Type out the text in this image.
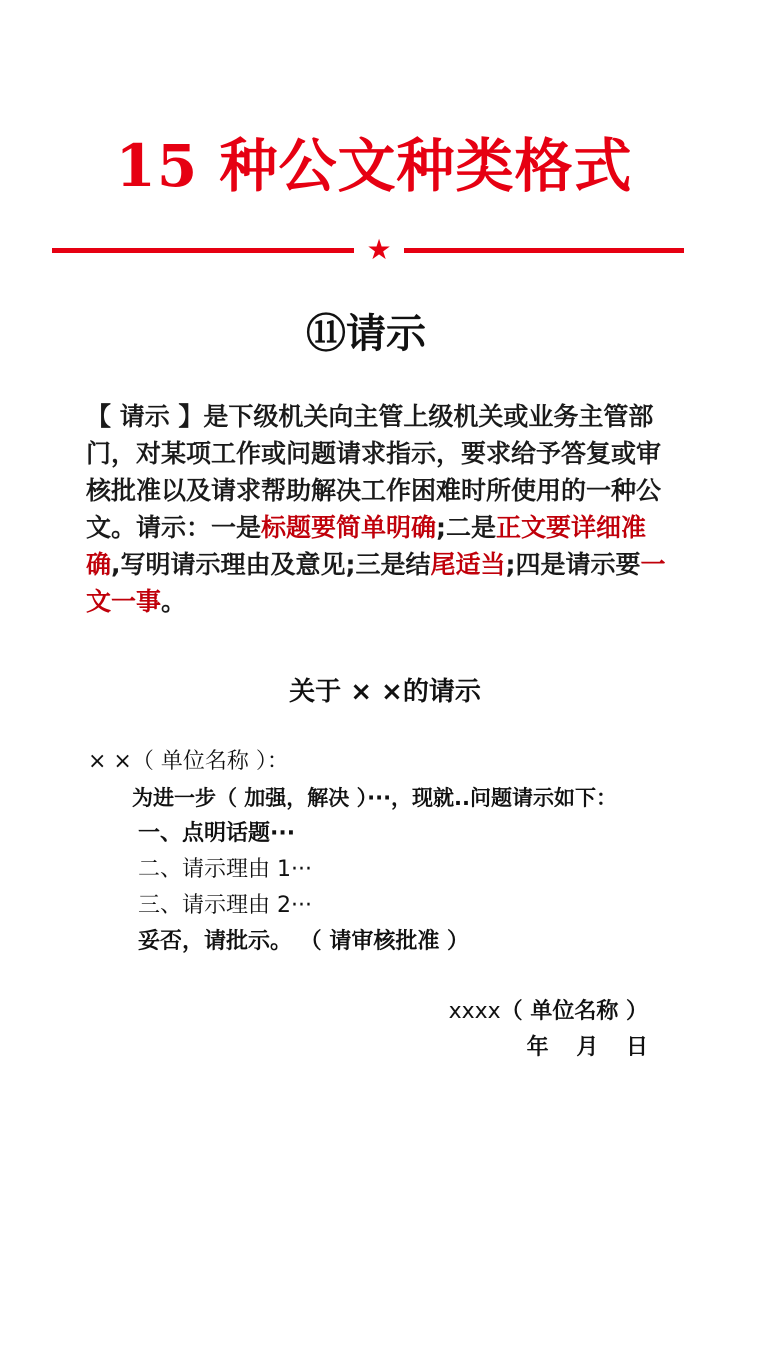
15 种公文种类格式
★
⑪请示
【 请示 】是下级机关向主管上级机关或业务主管部门，对某项工作或问题请求指示，要求给予答复或审核批准以及请求帮助解决工作困难时所使用的一种公文。请示：一是标题要简单明确;二是正文要详细准确,写明请示理由及意见;三是结尾适当;四是请示要一文一事。
关于 × ×的请示
× ×（ 单位名称 ）：
为进一步（ 加强，解决 ）···，现就..问题请示如下：
一、点明话题···
二、请示理由 1···
三、请示理由 2···
妥否，请批示。 （ 请审核批准 ）
xxxx（ 单位名称 ）
年 月 日
